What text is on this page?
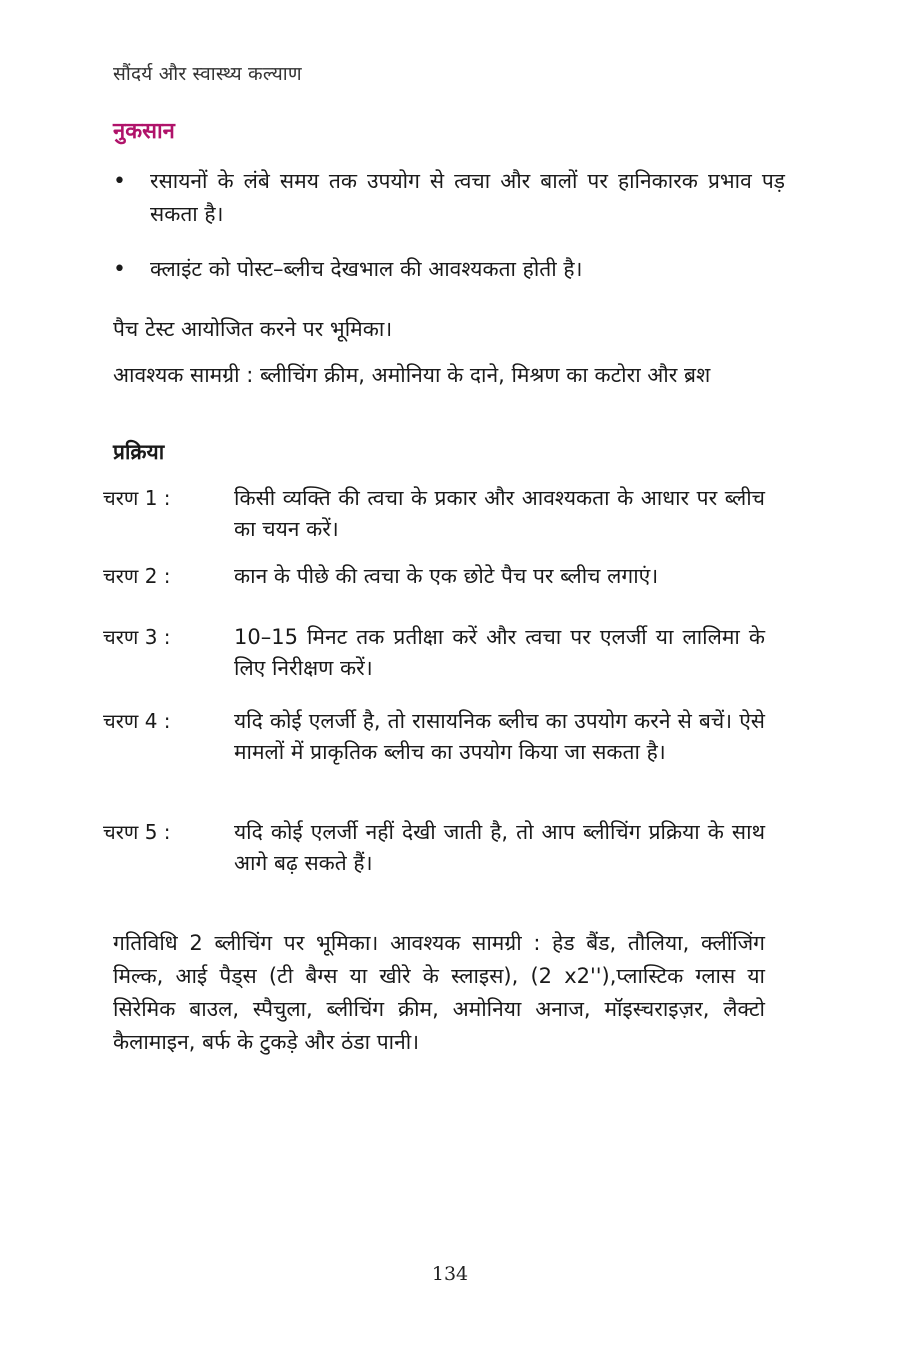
सौंदर्य और स्वास्थ्य कल्याण
नुकसान
• रसायनों के लंबे समय तक उपयोग से त्वचा और बालों पर हानिकारक प्रभाव पड़ सकता है।
• क्लाइंट को पोस्ट–ब्लीच देखभाल की आवश्यकता होती है।

पैच टेस्ट आयोजित करने पर भूमिका।

आवश्यक सामग्री : ब्लीचिंग क्रीम, अमोनिया के दाने, मिश्रण का कटोरा और ब्रश

प्रक्रिया
चरण 1 :	किसी व्यक्ति की त्वचा के प्रकार और आवश्यकता के आधार पर ब्लीच का चयन करें।
चरण 2 :	कान के पीछे की त्वचा के एक छोटे पैच पर ब्लीच लगाएं।
चरण 3 :	10–15 मिनट तक प्रतीक्षा करें और त्वचा पर एलर्जी या लालिमा के लिए निरीक्षण करें।
चरण 4 :	यदि कोई एलर्जी है, तो रासायनिक ब्लीच का उपयोग करने से बचें। ऐसे मामलों में प्राकृतिक ब्लीच का उपयोग किया जा सकता है।
चरण 5 :	यदि कोई एलर्जी नहीं देखी जाती है, तो आप ब्लीचिंग प्रक्रिया के साथ आगे बढ़ सकते हैं।

गतिविधि 2 ब्लीचिंग पर भूमिका। आवश्यक सामग्री : हेड बैंड, तौलिया, क्लींजिंग मिल्क, आई पैड्स (टी बैग्स या खीरे के स्लाइस), (2 x2''),प्लास्टिक ग्लास या सिरेमिक बाउल, स्पैचुला, ब्लीचिंग क्रीम, अमोनिया अनाज, मॉइस्चराइज़र, लैक्टो कैलामाइन, बर्फ के टुकड़े और ठंडा पानी।

134
